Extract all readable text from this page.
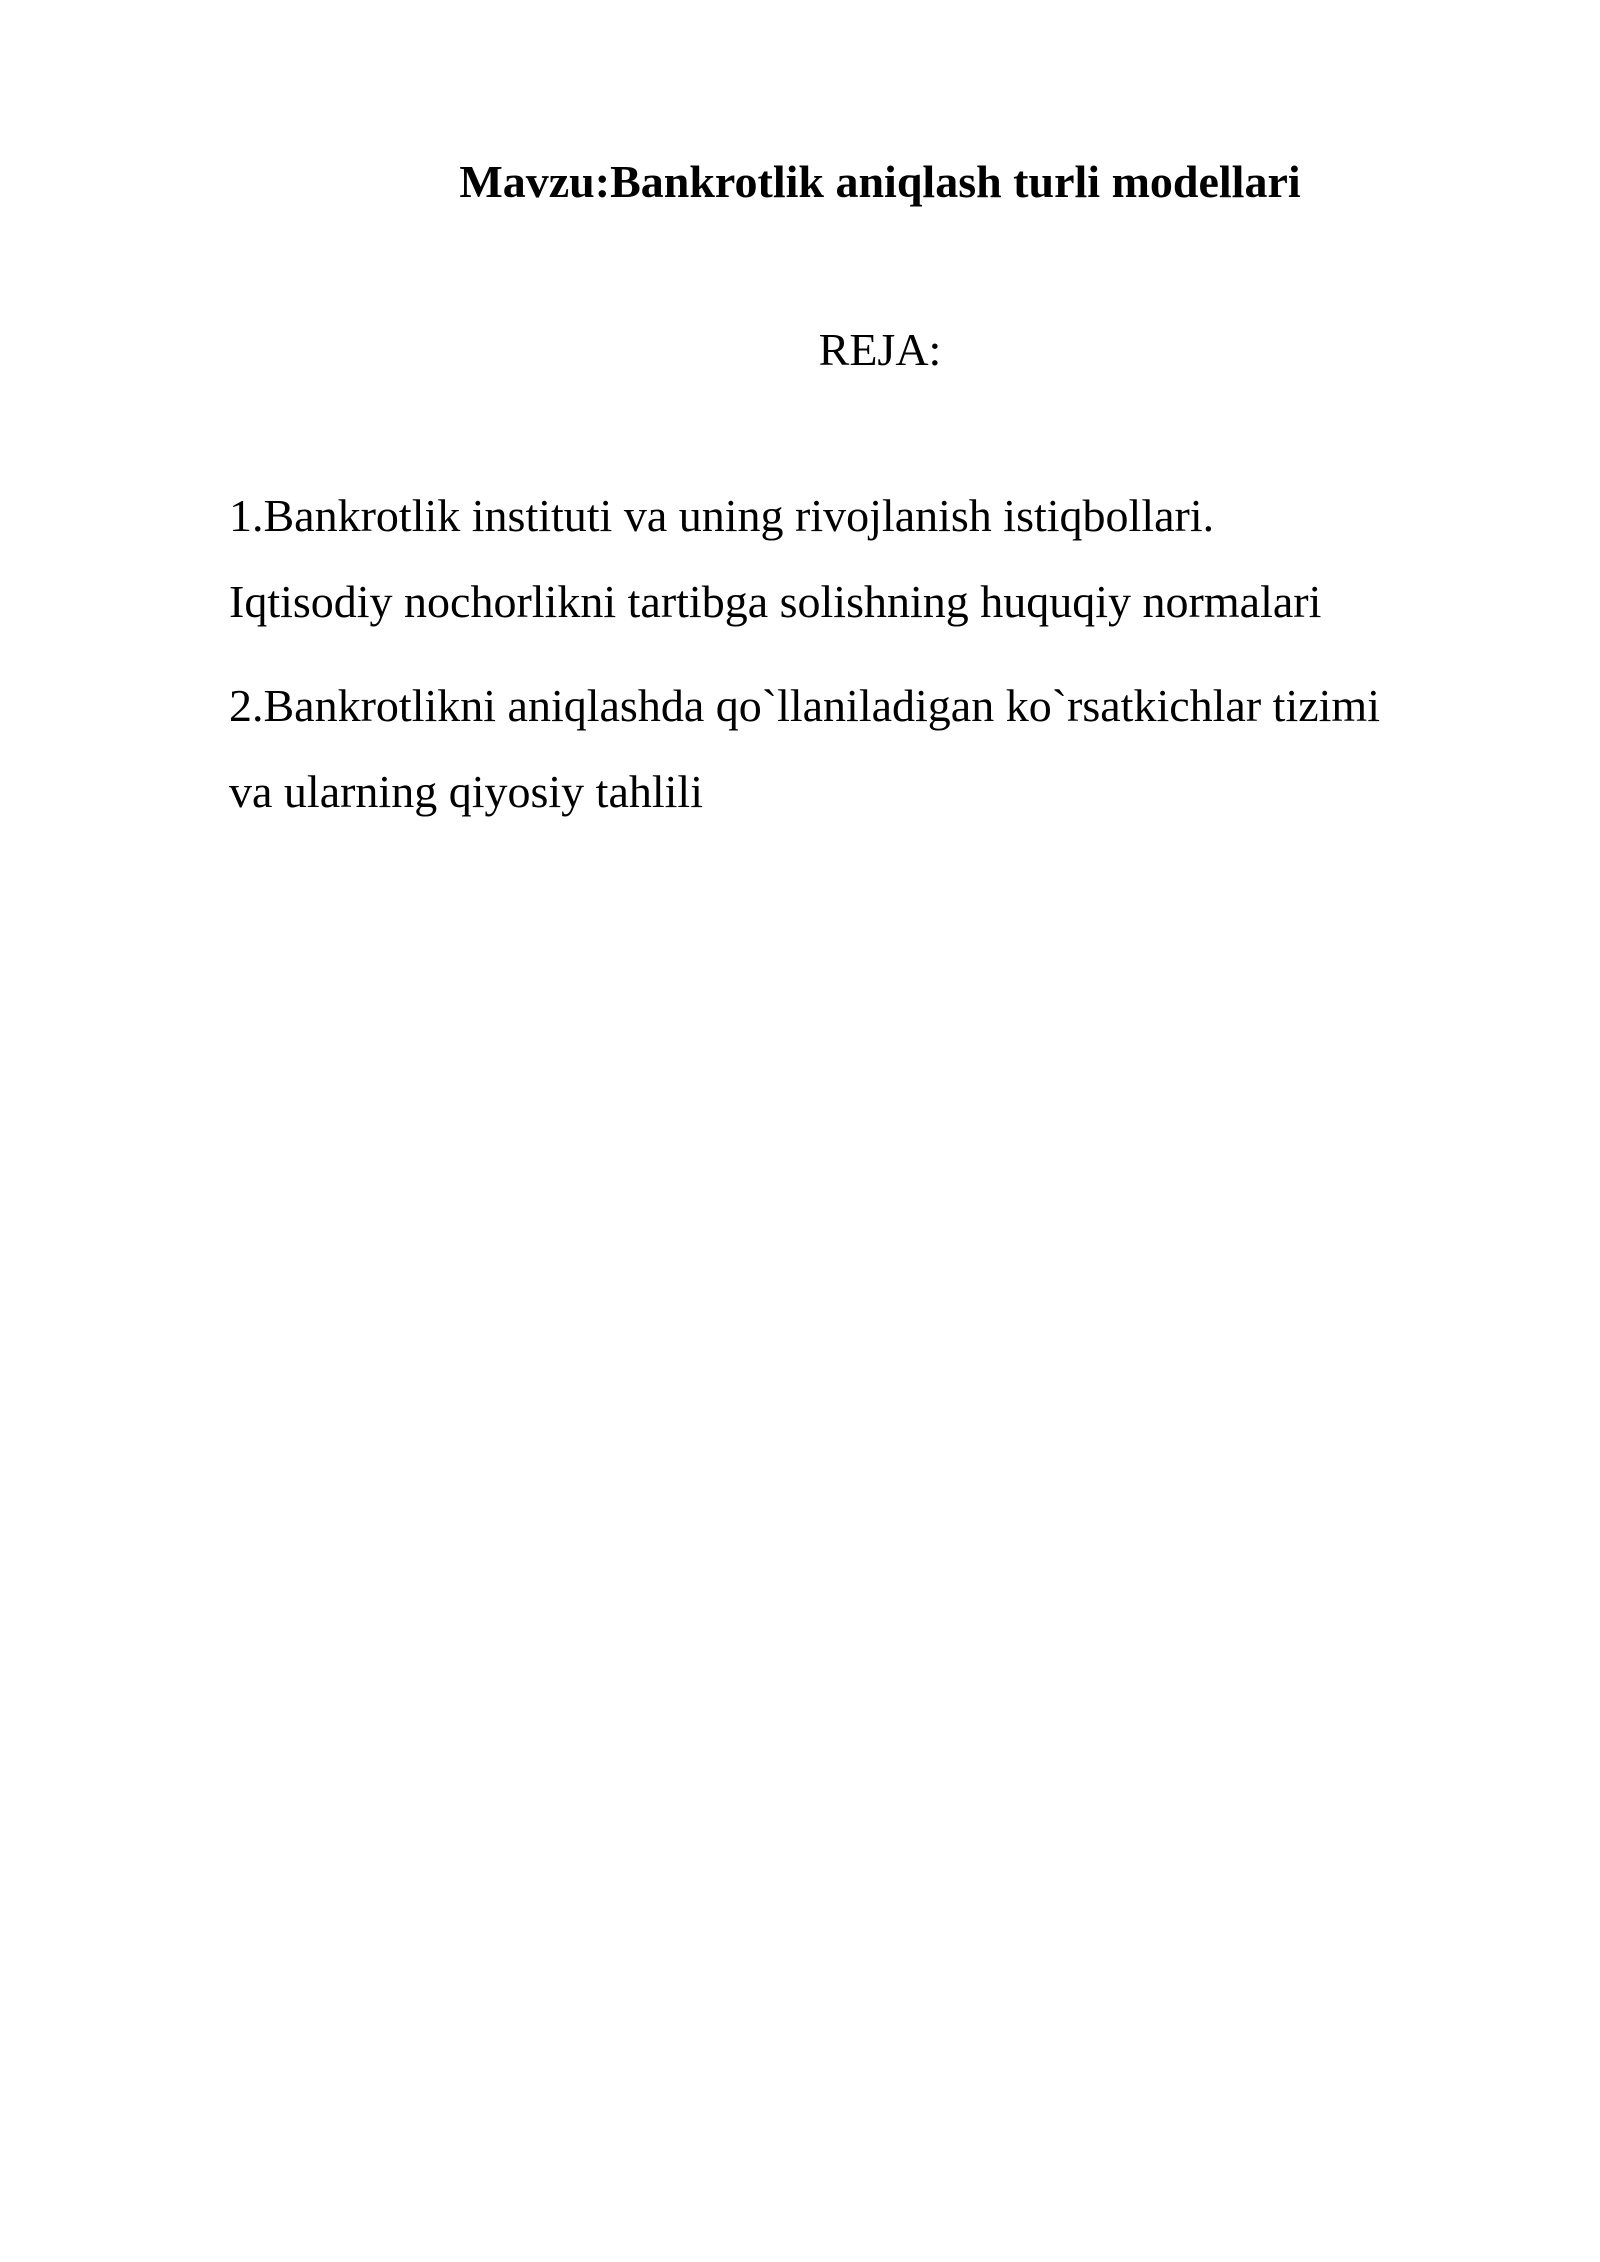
Mavzu:Bankrotlik aniqlash turli modellari
REJA:
1.Bankrotlik instituti va uning rivojlanish istiqbollari.
Iqtisodiy nochorlikni tartibga solishning huquqiy normalari
2.Bankrotlikni aniqlashda qo`llaniladigan ko`rsatkichlar tizimi
va ularning qiyosiy tahlili
